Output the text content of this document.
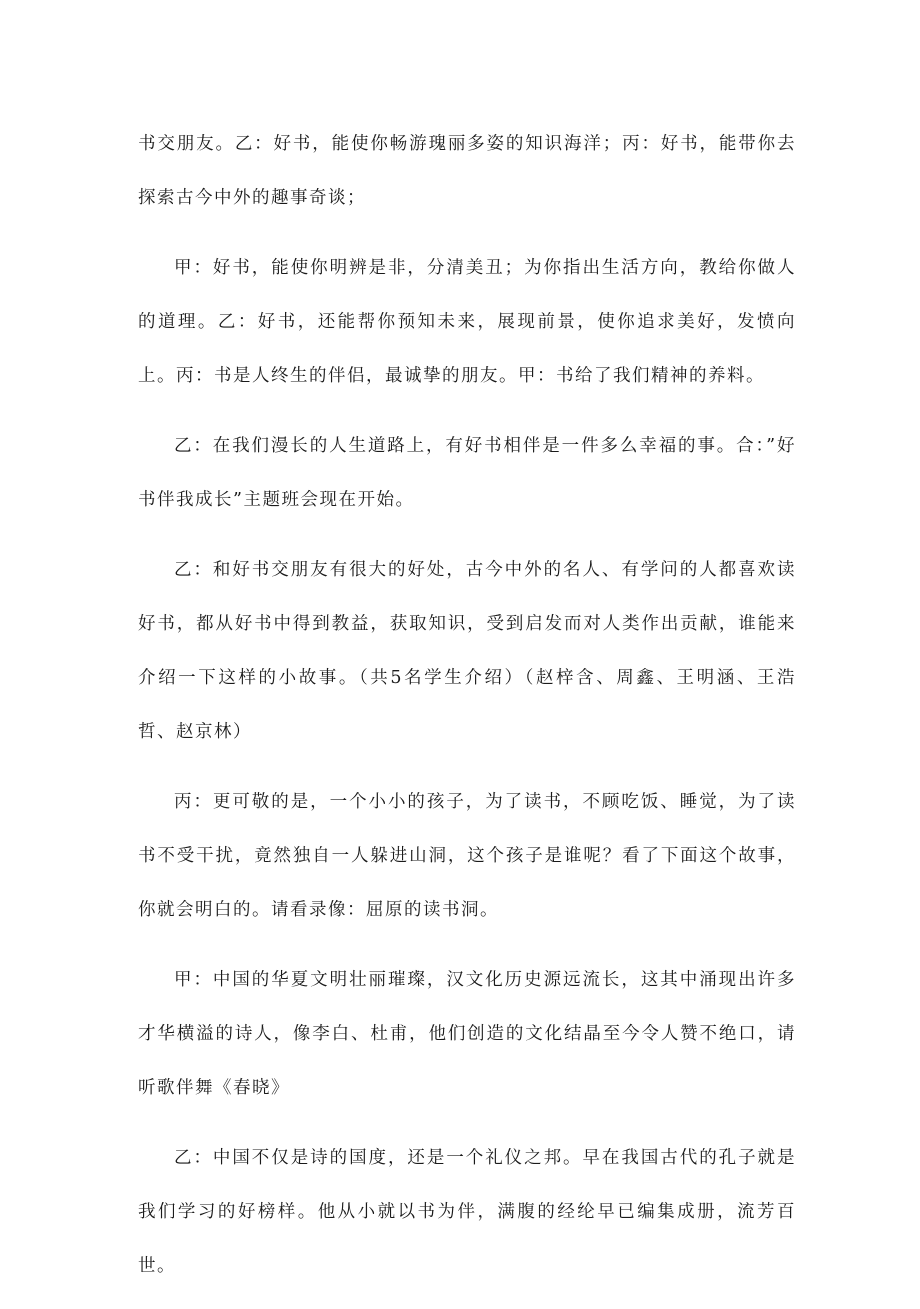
书交朋友。乙：好书，能使你畅游瑰丽多姿的知识海洋；丙：好书，能带你去探索古今中外的趣事奇谈；

甲：好书，能使你明辨是非，分清美丑；为你指出生活方向，教给你做人的道理。乙：好书，还能帮你预知未来，展现前景，使你追求美好，发愤向上。丙：书是人终生的伴侣，最诚挚的朋友。甲：书给了我们精神的养料。

乙：在我们漫长的人生道路上，有好书相伴是一件多么幸福的事。合：”好书伴我成长”主题班会现在开始。

乙：和好书交朋友有很大的好处，古今中外的名人、有学问的人都喜欢读好书，都从好书中得到教益，获取知识，受到启发而对人类作出贡献，谁能来介绍一下这样的小故事。（共5名学生介绍）（赵梓含、周鑫、王明涵、王浩哲、赵京林）

丙：更可敬的是，一个小小的孩子，为了读书，不顾吃饭、睡觉，为了读书不受干扰，竟然独自一人躲进山洞，这个孩子是谁呢？看了下面这个故事，你就会明白的。请看录像：屈原的读书洞。

甲：中国的华夏文明壮丽璀璨，汉文化历史源远流长，这其中涌现出许多才华横溢的诗人，像李白、杜甫，他们创造的文化结晶至今令人赞不绝口，请听歌伴舞《春晓》

乙：中国不仅是诗的国度，还是一个礼仪之邦。早在我国古代的孔子就是我们学习的好榜样。他从小就以书为伴，满腹的经纶早已编集成册，流芳百世。
